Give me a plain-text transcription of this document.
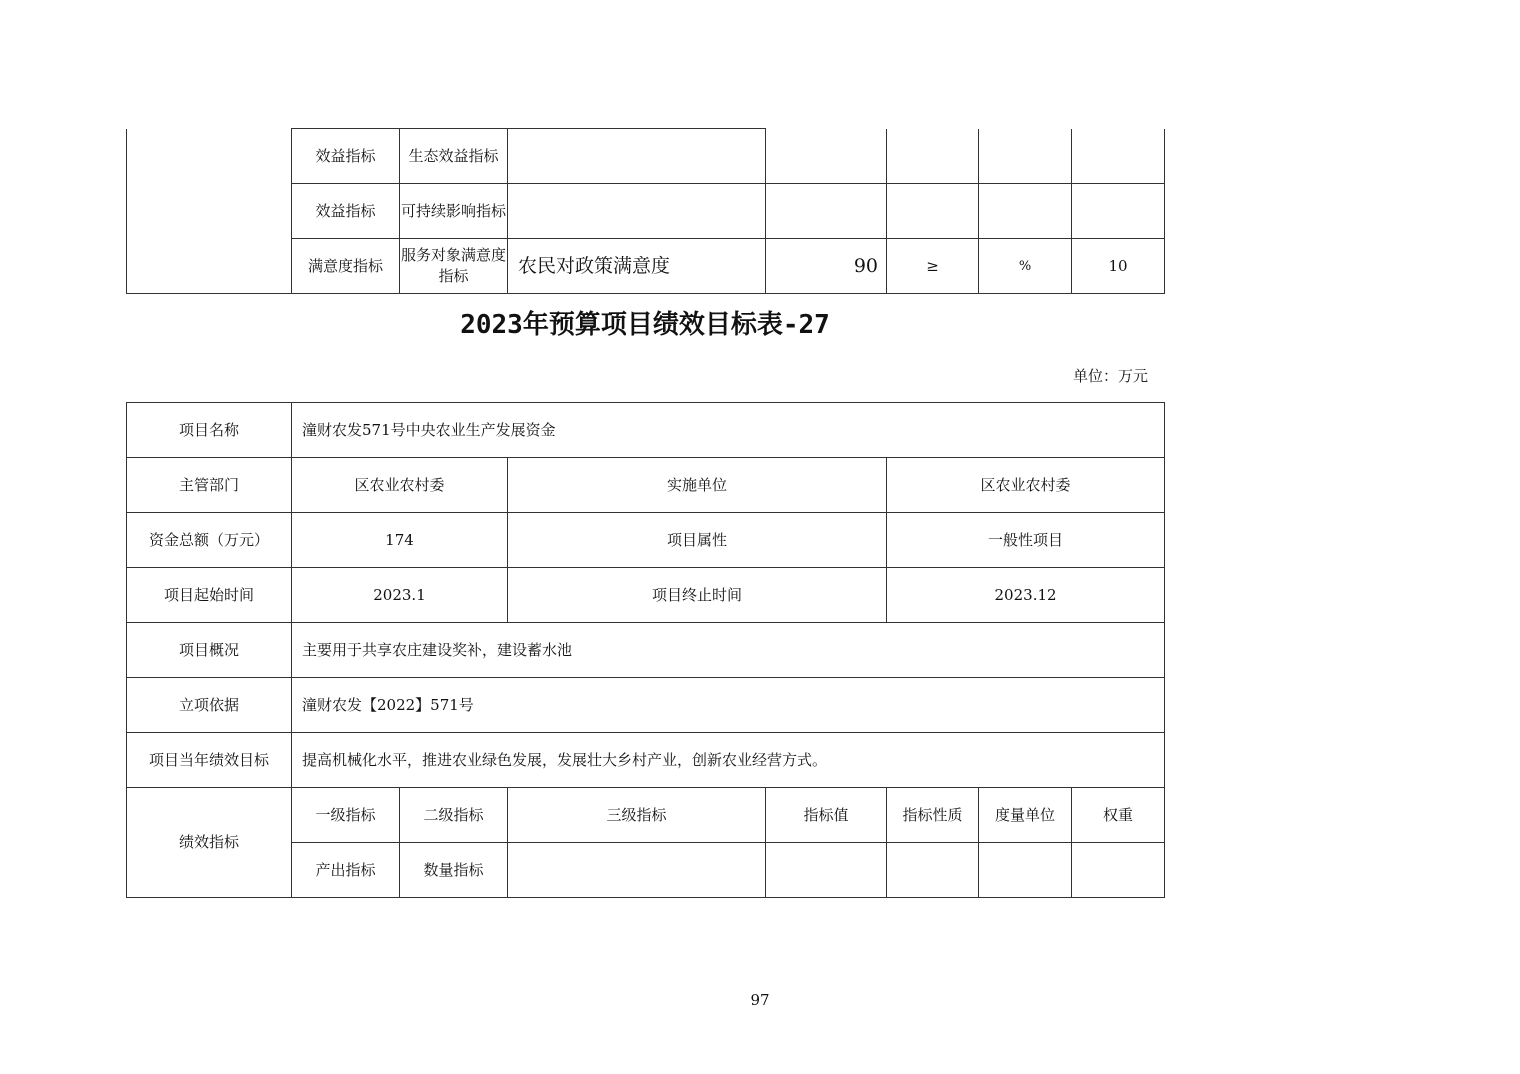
	效益指标	生态效益指标					
	效益指标	可持续影响指标					
	满意度指标	服务对象满意度指标	农民对政策满意度	90	≥	%	10
2023年预算项目绩效目标表-27
单位：万元
项目名称	潼财农发571号中央农业生产发展资金						
主管部门	区农业农村委		实施单位		区农业农村委		
资金总额（万元）	174		项目属性		一般性项目		
项目起始时间	2023.1		项目终止时间		2023.12		
项目概况	主要用于共享农庄建设奖补，建设蓄水池						
立项依据	潼财农发【2022】571号						
项目当年绩效目标	提高机械化水平，推进农业绿色发展，发展壮大乡村产业，创新农业经营方式。						
绩效指标	一级指标	二级指标	三级指标	指标值	指标性质	度量单位	权重
	产出指标	数量指标					
97
